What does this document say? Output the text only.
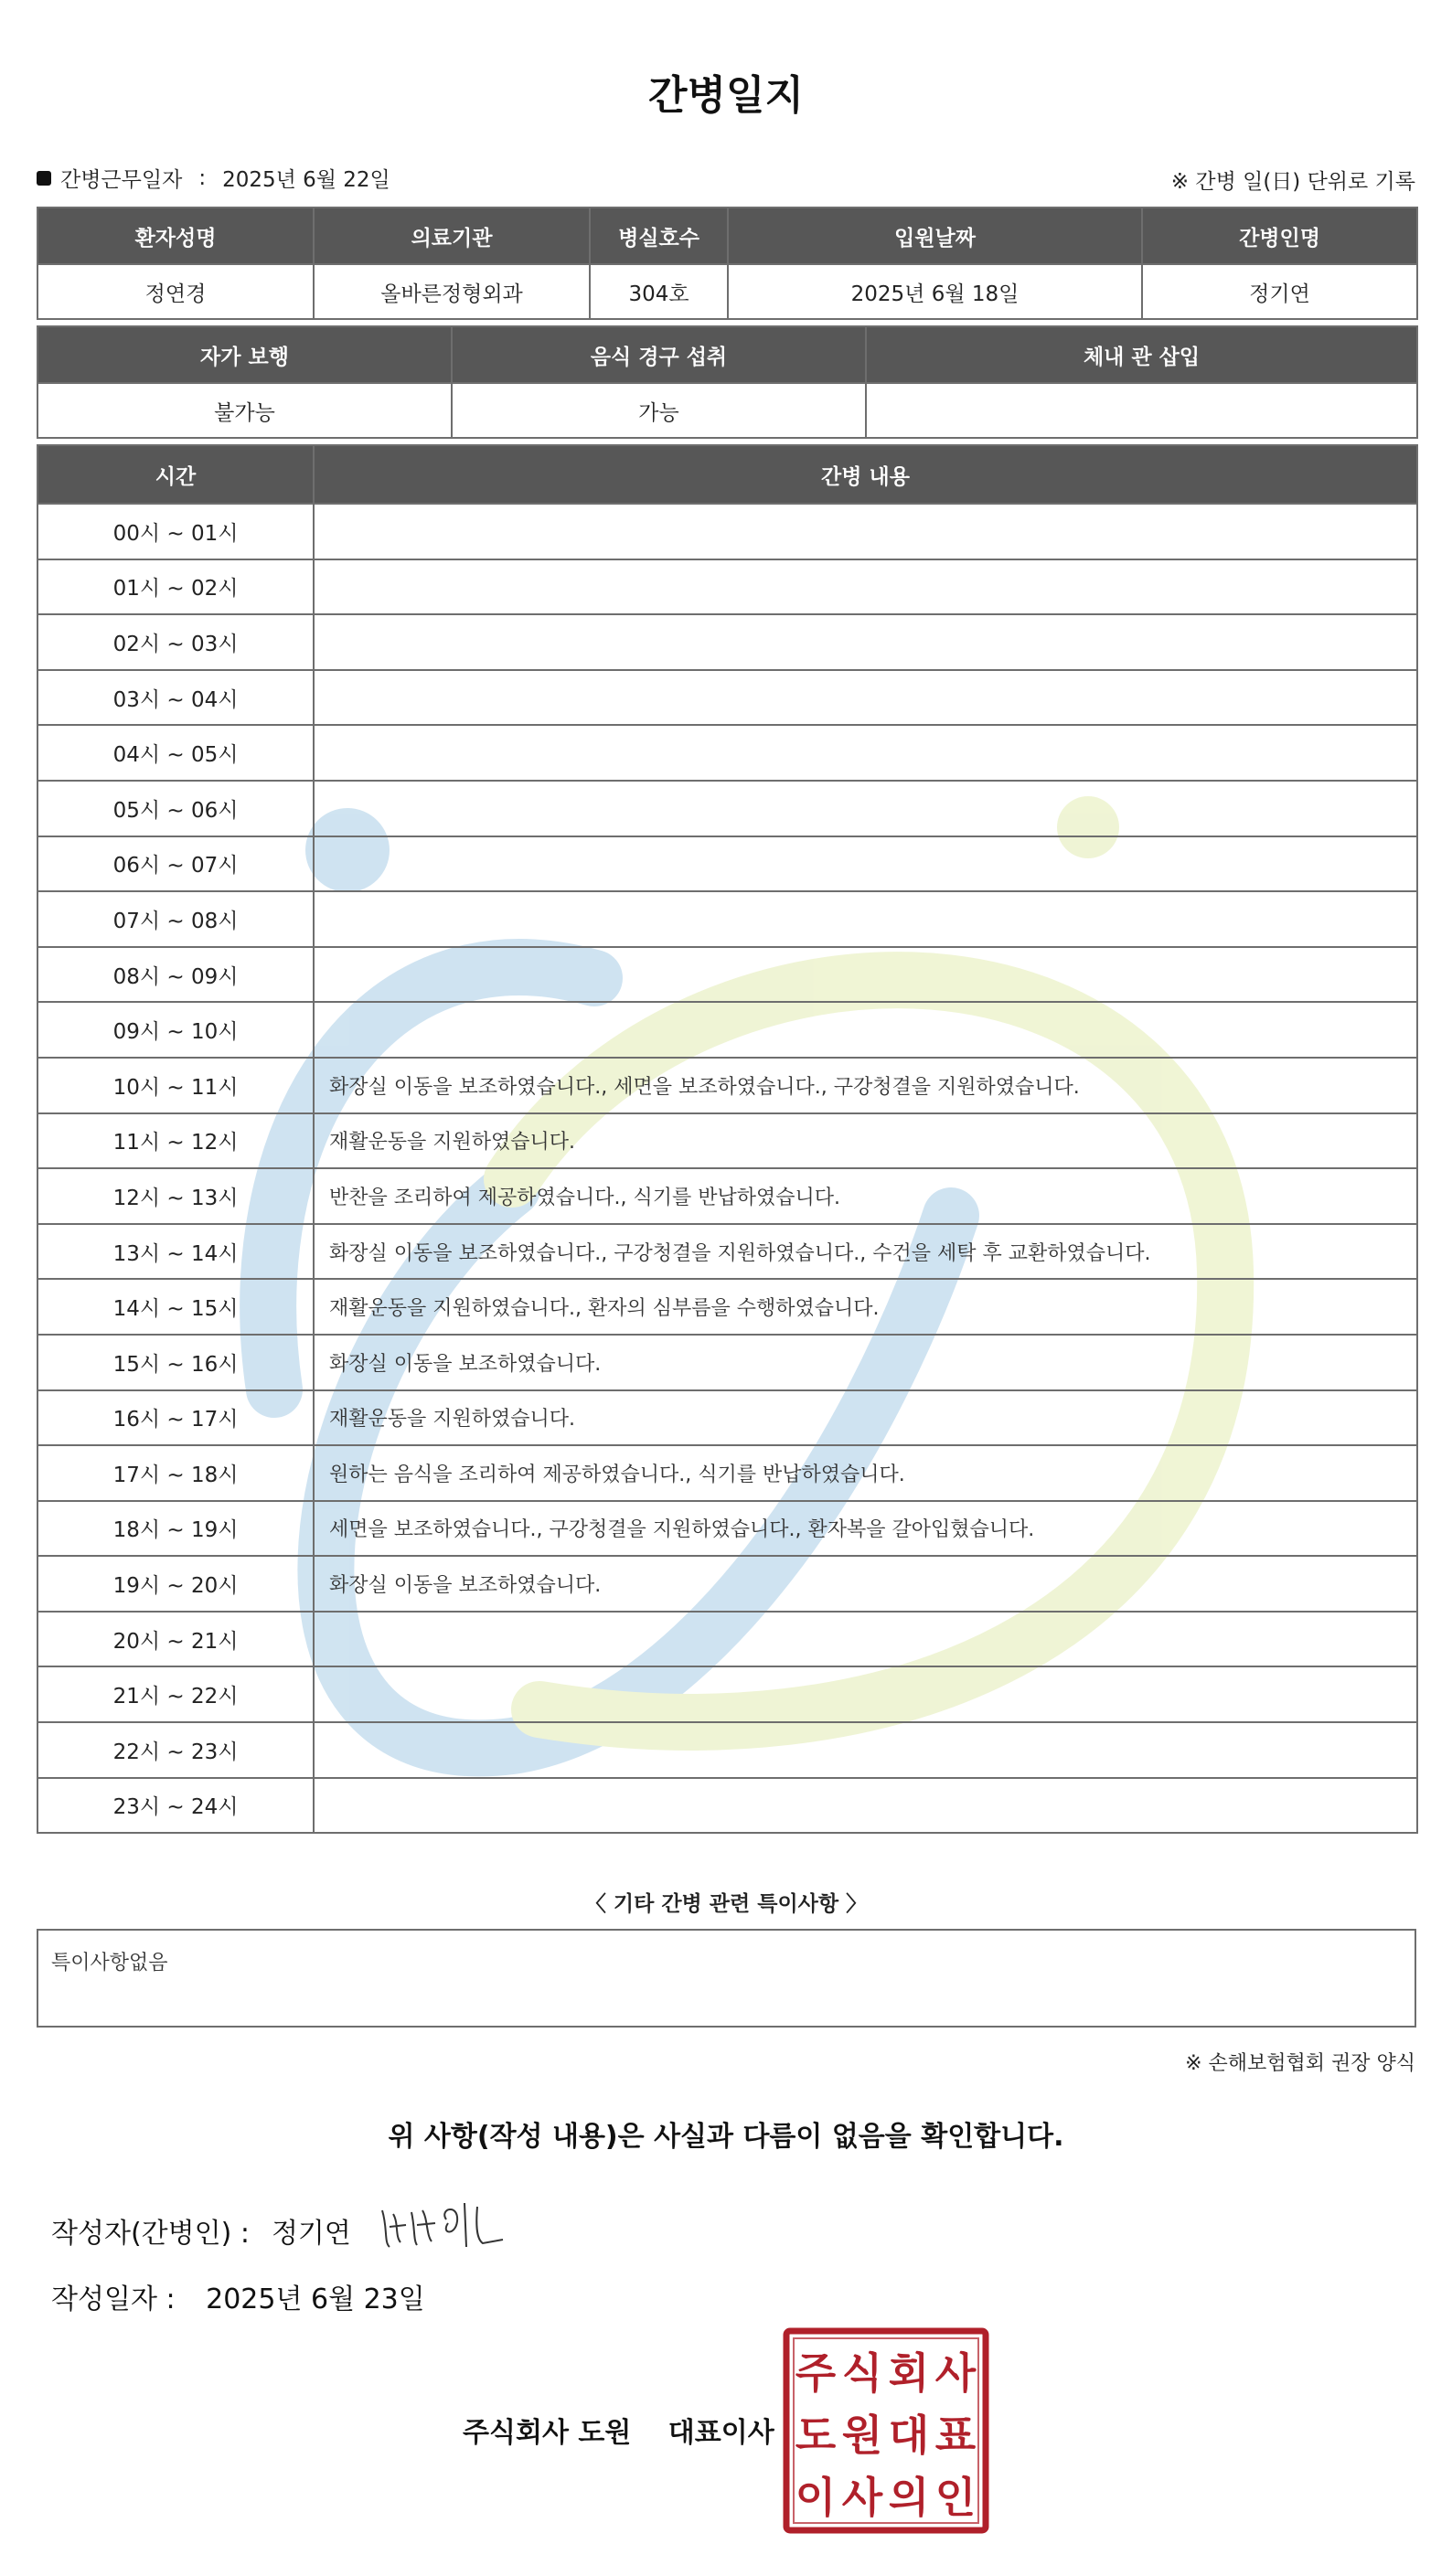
간병일지
간병근무일자 : 2025년 6월 22일	※ 간병 일(日) 단위로 기록
환자성명	의료기관	병실호수	입원날짜	간병인명
정연경	올바른정형외과	304호	2025년 6월 18일	정기연
자가 보행	음식 경구 섭취	체내 관 삽입
불가능	가능	
시간	간병 내용
00시 ~ 01시	
01시 ~ 02시	
02시 ~ 03시	
03시 ~ 04시	
04시 ~ 05시	
05시 ~ 06시	
06시 ~ 07시	
07시 ~ 08시	
08시 ~ 09시	
09시 ~ 10시	
10시 ~ 11시	화장실 이동을 보조하였습니다., 세면을 보조하였습니다., 구강청결을 지원하였습니다.
11시 ~ 12시	재활운동을 지원하였습니다.
12시 ~ 13시	반찬을 조리하여 제공하였습니다., 식기를 반납하였습니다.
13시 ~ 14시	화장실 이동을 보조하였습니다., 구강청결을 지원하였습니다., 수건을 세탁 후 교환하였습니다.
14시 ~ 15시	재활운동을 지원하였습니다., 환자의 심부름을 수행하였습니다.
15시 ~ 16시	화장실 이동을 보조하였습니다.
16시 ~ 17시	재활운동을 지원하였습니다.
17시 ~ 18시	원하는 음식을 조리하여 제공하였습니다., 식기를 반납하였습니다.
18시 ~ 19시	세면을 보조하였습니다., 구강청결을 지원하였습니다., 환자복을 갈아입혔습니다.
19시 ~ 20시	화장실 이동을 보조하였습니다.
20시 ~ 21시	
21시 ~ 22시	
22시 ~ 23시	
23시 ~ 24시	
〈 기타 간병 관련 특이사항 〉
특이사항없음
※ 손해보험협회 권장 양식
위 사항(작성 내용)은 사실과 다름이 없음을 확인합니다.
작성자(간병인) : 정기연
작성일자 : 2025년 6월 23일
주식회사 도원 대표이사
주 식 회 사
도 원 대 표
이 사 의 인
